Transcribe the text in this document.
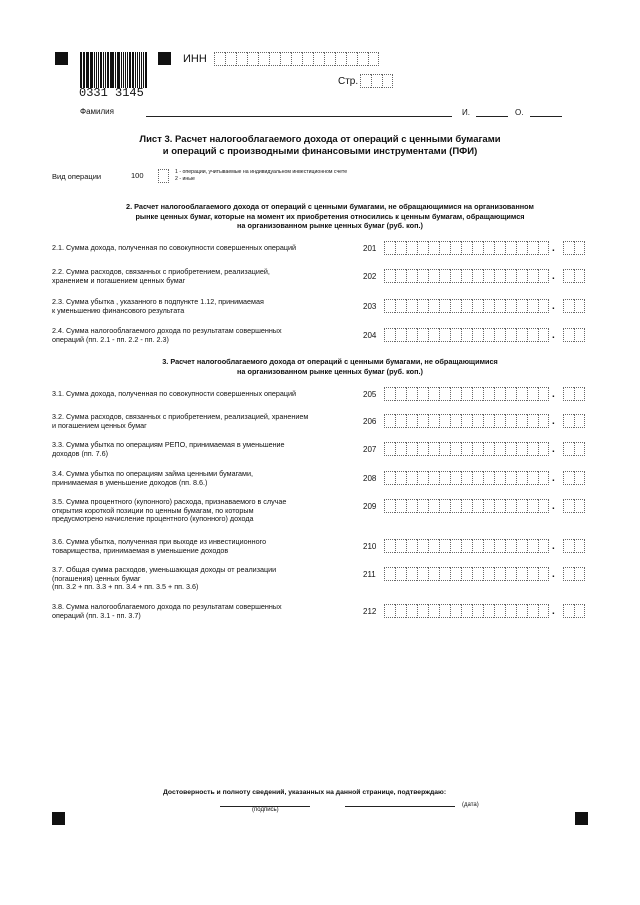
0331 3145
ИНН
Стр.
Фамилия	И.	О.
Лист 3. Расчет налогооблагаемого дохода от операций с ценными бумагами
и операций с производными финансовыми инструментами (ПФИ)
Вид операции	100	1 - операции, учитываемые на индивидуальном инвестиционном счете
2 - иные
2. Расчет налогооблагаемого дохода от операций с ценными бумагами, не обращающимися на организованном
рынке ценных бумаг, которые на момент их приобретения относились к ценным бумагам, обращающимся
на организованном рынке ценных бумаг (руб. коп.)
2.1. Сумма дохода, полученная по совокупности совершенных операций	201	.
2.2. Сумма расходов, связанных с приобретением, реализацией,
хранением и погашением ценных бумаг	202	.
2.3. Сумма убытка , указанного в подпункте 1.12, принимаемая
к уменьшению финансового результата	203	.
2.4. Сумма налогооблагаемого дохода по результатам совершенных
операций (пп. 2.1 - пп. 2.2 - пп. 2.3)	204	.
3.1. Сумма дохода, полученная по совокупности совершенных операций	205	.
3.2. Сумма расходов, связанных с приобретением, реализацией, хранением
и погашением ценных бумаг	206	.
3.3. Сумма убытка по операциям РЕПО, принимаемая в уменьшение
доходов (пп. 7.6)	207	.
3.4. Сумма убытка по операциям займа ценными бумагами,
принимаемая в уменьшение доходов (пп. 8.6.)	208	.
3.5. Сумма процентного (купонного) расхода, признаваемого в случае
открытия короткой позиции по ценным бумагам, по которым
предусмотрено начисление процентного (купонного) дохода
209	.
3.6. Сумма убытка, полученная при выходе из инвестиционного
товарищества, принимаемая в уменьшение доходов	210	.
3.7. Общая сумма расходов, уменьшающая доходы от реализации
(погашения) ценных бумаг
(пп. 3.2 + пп. 3.3 + пп. 3.4 + пп. 3.5 + пп. 3.6)
211	.
3.8. Сумма налогооблагаемого дохода по результатам совершенных
операций (пп. 3.1 - пп. 3.7)	212	.
3. Расчет налогооблагаемого дохода от операций с ценными бумагами, не обращающимися
на организованном рынке ценных бумаг (руб. коп.)
Достоверность и полноту сведений, указанных на данной странице, подтверждаю:
(подпись)
(дата)
